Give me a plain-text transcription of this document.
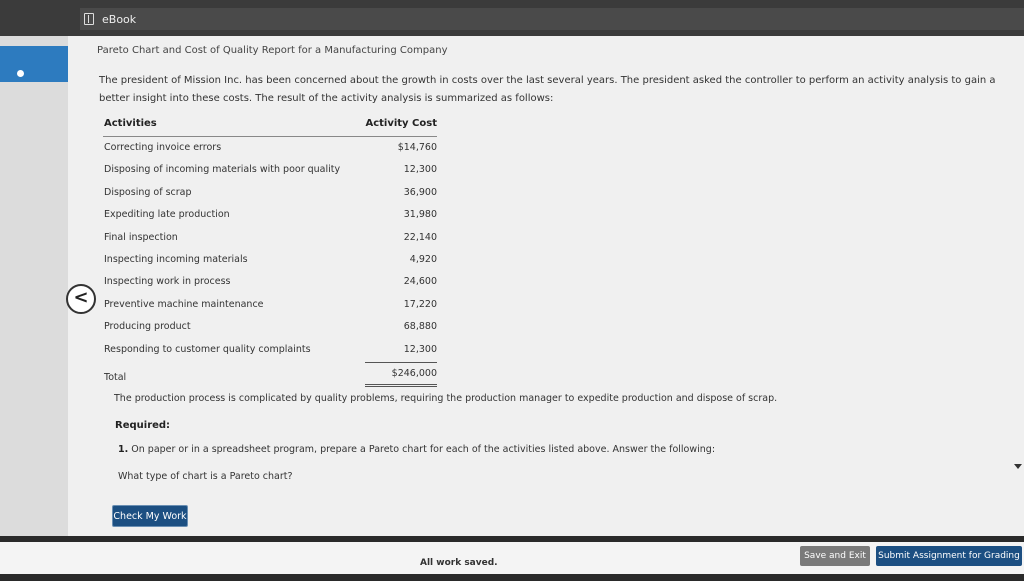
eBook
Pareto Chart and Cost of Quality Report for a Manufacturing Company
The president of Mission Inc. has been concerned about the growth in costs over the last several years. The president asked the controller to perform an activity analysis to gain a better insight into these costs. The result of the activity analysis is summarized as follows:
Activities	Activity Cost
Correcting invoice errors	$14,760
Disposing of incoming materials with poor quality	12,300
Disposing of scrap	36,900
Expediting late production	31,980
Final inspection	22,140
Inspecting incoming materials	4,920
Inspecting work in process	24,600
Preventive machine maintenance	17,220
Producing product	68,880
Responding to customer quality complaints	12,300
Total	$246,000
The production process is complicated by quality problems, requiring the production manager to expedite production and dispose of scrap.
Required:
1. On paper or in a spreadsheet program, prepare a Pareto chart for each of the activities listed above. Answer the following:
What type of chart is a Pareto chart?
Check My Work
<
All work saved.
Save and Exit	Submit Assignment for Grading
